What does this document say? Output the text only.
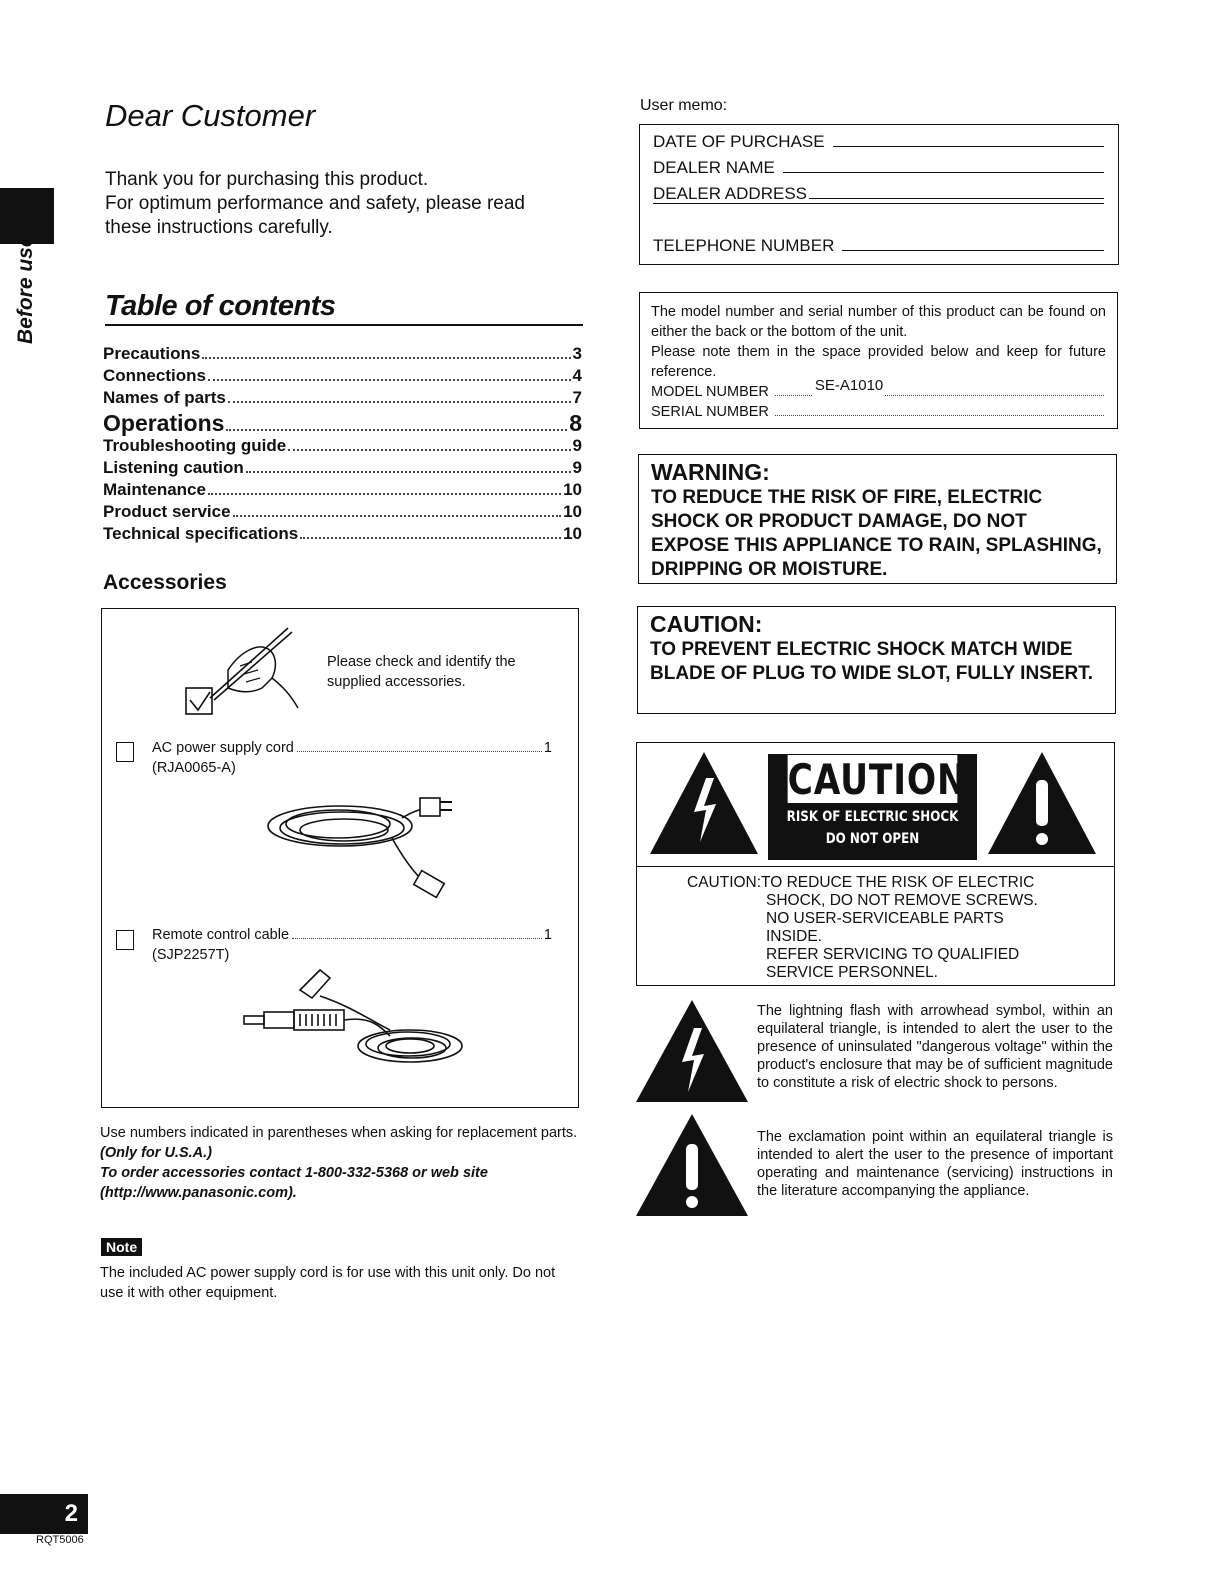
Before use
2
RQT5006
Dear Customer
Thank you for purchasing this product.
For optimum performance and safety, please read
these instructions carefully.
Table of contents
Precautions	3
Connections	4
Names of parts	7
Operations	8
Troubleshooting guide	9
Listening caution	9
Maintenance	10
Product service	10
Technical specifications	10
Accessories
Please check and identify the supplied accessories.
AC power supply cord	1
(RJA0065-A)
Remote control cable	1
(SJP2257T)
Use numbers indicated in parentheses when asking for replacement parts.
(Only for U.S.A.)
To order accessories contact 1-800-332-5368 or web site (http://www.panasonic.com).
Note
The included AC power supply cord is for use with this unit only. Do not use it with other equipment.
User memo:
DATE OF PURCHASE
DEALER NAME
DEALER ADDRESS
TELEPHONE NUMBER
The model number and serial number of this product can be found on either the back or the bottom of the unit.
Please note them in the space provided below and keep for future reference.
MODEL NUMBER	SE-A1010
SERIAL NUMBER
WARNING:
TO REDUCE THE RISK OF FIRE, ELECTRIC SHOCK OR PRODUCT DAMAGE, DO NOT EXPOSE THIS APPLIANCE TO RAIN, SPLASHING, DRIPPING OR MOISTURE.
CAUTION:
TO PREVENT ELECTRIC SHOCK MATCH WIDE BLADE OF PLUG TO WIDE SLOT, FULLY INSERT.
CAUTION
RISK OF ELECTRIC SHOCK
DO NOT OPEN
CAUTION:TO REDUCE THE RISK OF ELECTRIC
SHOCK, DO NOT REMOVE SCREWS.
NO USER-SERVICEABLE PARTS
INSIDE.
REFER SERVICING TO QUALIFIED
SERVICE PERSONNEL.
The lightning flash with arrowhead symbol, within an equilateral triangle, is intended to alert the user to the presence of uninsulated "dangerous voltage" within the product's enclosure that may be of sufficient magnitude to constitute a risk of electric shock to persons.
The exclamation point within an equilateral triangle is intended to alert the user to the presence of important operating and maintenance (servicing) instructions in the literature accompanying the appliance.
